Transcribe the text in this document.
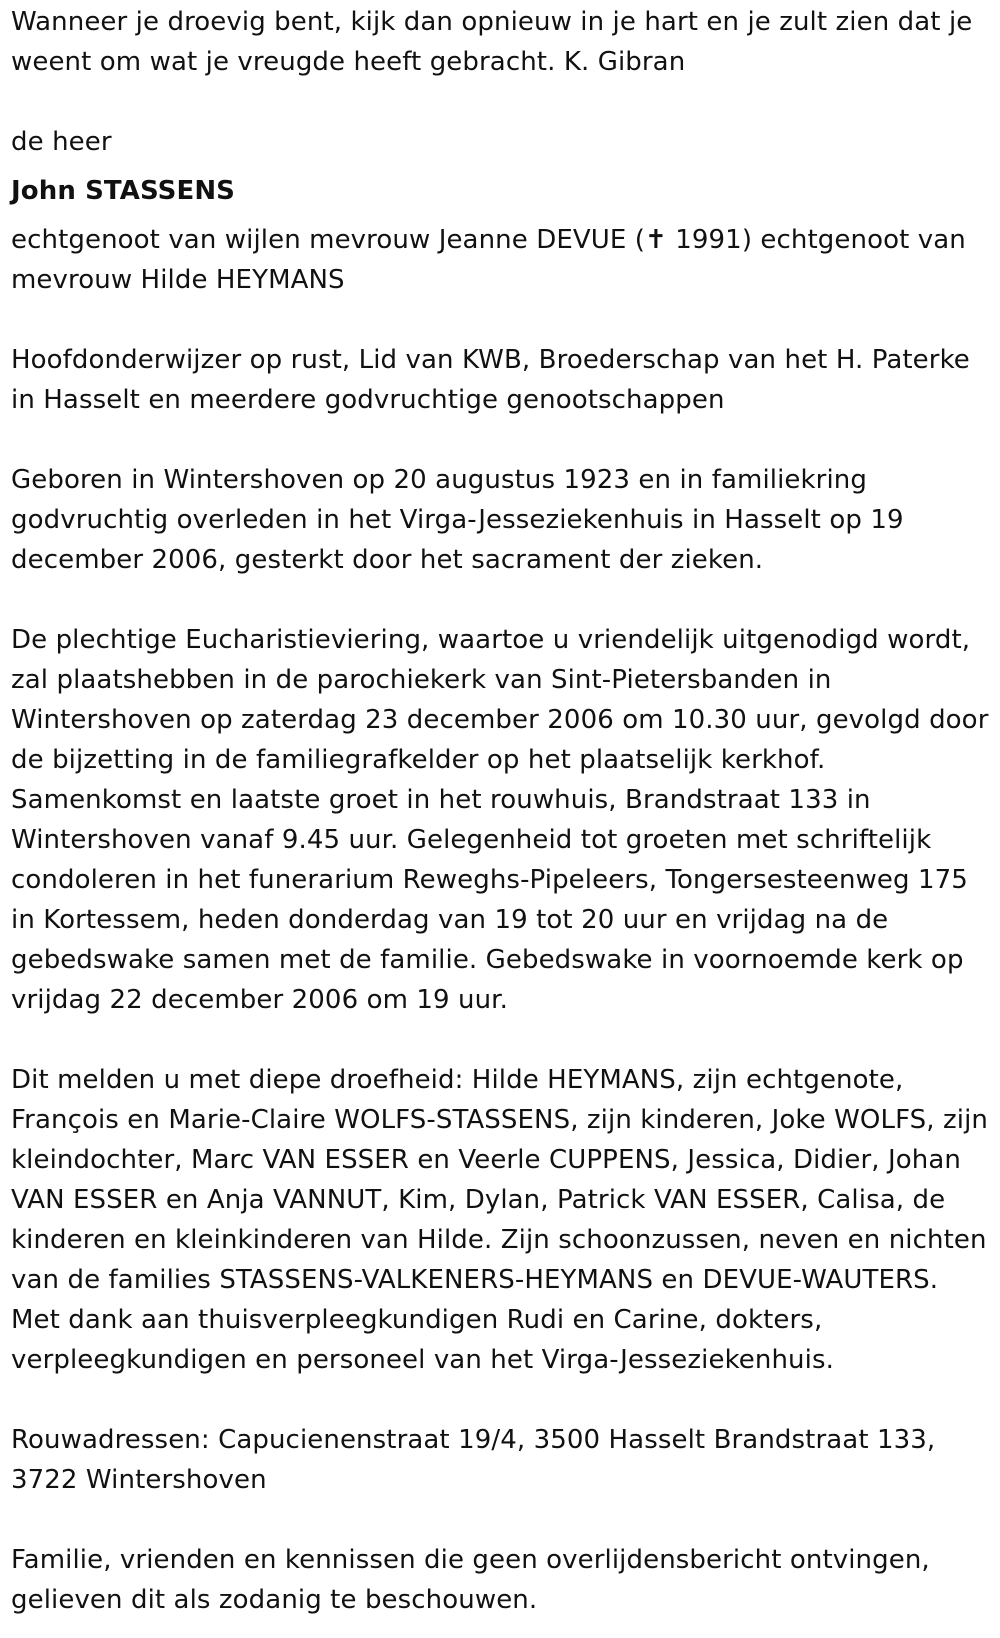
Wanneer je droevig bent, kijk dan opnieuw in je hart en je zult zien dat je weent om wat je vreugde heeft gebracht. K. Gibran

de heer

John STASSENS

echtgenoot van wijlen mevrouw Jeanne DEVUE (✝ 1991) echtgenoot van mevrouw Hilde HEYMANS

Hoofdonderwijzer op rust, Lid van KWB, Broederschap van het H. Paterke in Hasselt en meerdere godvruchtige genootschappen

Geboren in Wintershoven op 20 augustus 1923 en in familiekring godvruchtig overleden in het Virga-Jesseziekenhuis in Hasselt op 19 december 2006, gesterkt door het sacrament der zieken.

De plechtige Eucharistieviering, waartoe u vriendelijk uitgenodigd wordt, zal plaatshebben in de parochiekerk van Sint-Pietersbanden in Wintershoven op zaterdag 23 december 2006 om 10.30 uur, gevolgd door de bijzetting in de familiegrafkelder op het plaatselijk kerkhof. Samenkomst en laatste groet in het rouwhuis, Brandstraat 133 in Wintershoven vanaf 9.45 uur. Gelegenheid tot groeten met schriftelijk condoleren in het funerarium Reweghs-Pipeleers, Tongersesteenweg 175 in Kortessem, heden donderdag van 19 tot 20 uur en vrijdag na de gebedswake samen met de familie. Gebedswake in voornoemde kerk op vrijdag 22 december 2006 om 19 uur.

Dit melden u met diepe droefheid: Hilde HEYMANS, zijn echtgenote, François en Marie-Claire WOLFS-STASSENS, zijn kinderen, Joke WOLFS, zijn kleindochter, Marc VAN ESSER en Veerle CUPPENS, Jessica, Didier, Johan VAN ESSER en Anja VANNUT, Kim, Dylan, Patrick VAN ESSER, Calisa, de kinderen en kleinkinderen van Hilde. Zijn schoonzussen, neven en nichten van de families STASSENS-VALKENERS-HEYMANS en DEVUE-WAUTERS. Met dank aan thuisverpleegkundigen Rudi en Carine, dokters, verpleegkundigen en personeel van het Virga-Jesseziekenhuis.

Rouwadressen: Capucienenstraat 19/4, 3500 Hasselt Brandstraat 133, 3722 Wintershoven

Familie, vrienden en kennissen die geen overlijdensbericht ontvingen, gelieven dit als zodanig te beschouwen.
